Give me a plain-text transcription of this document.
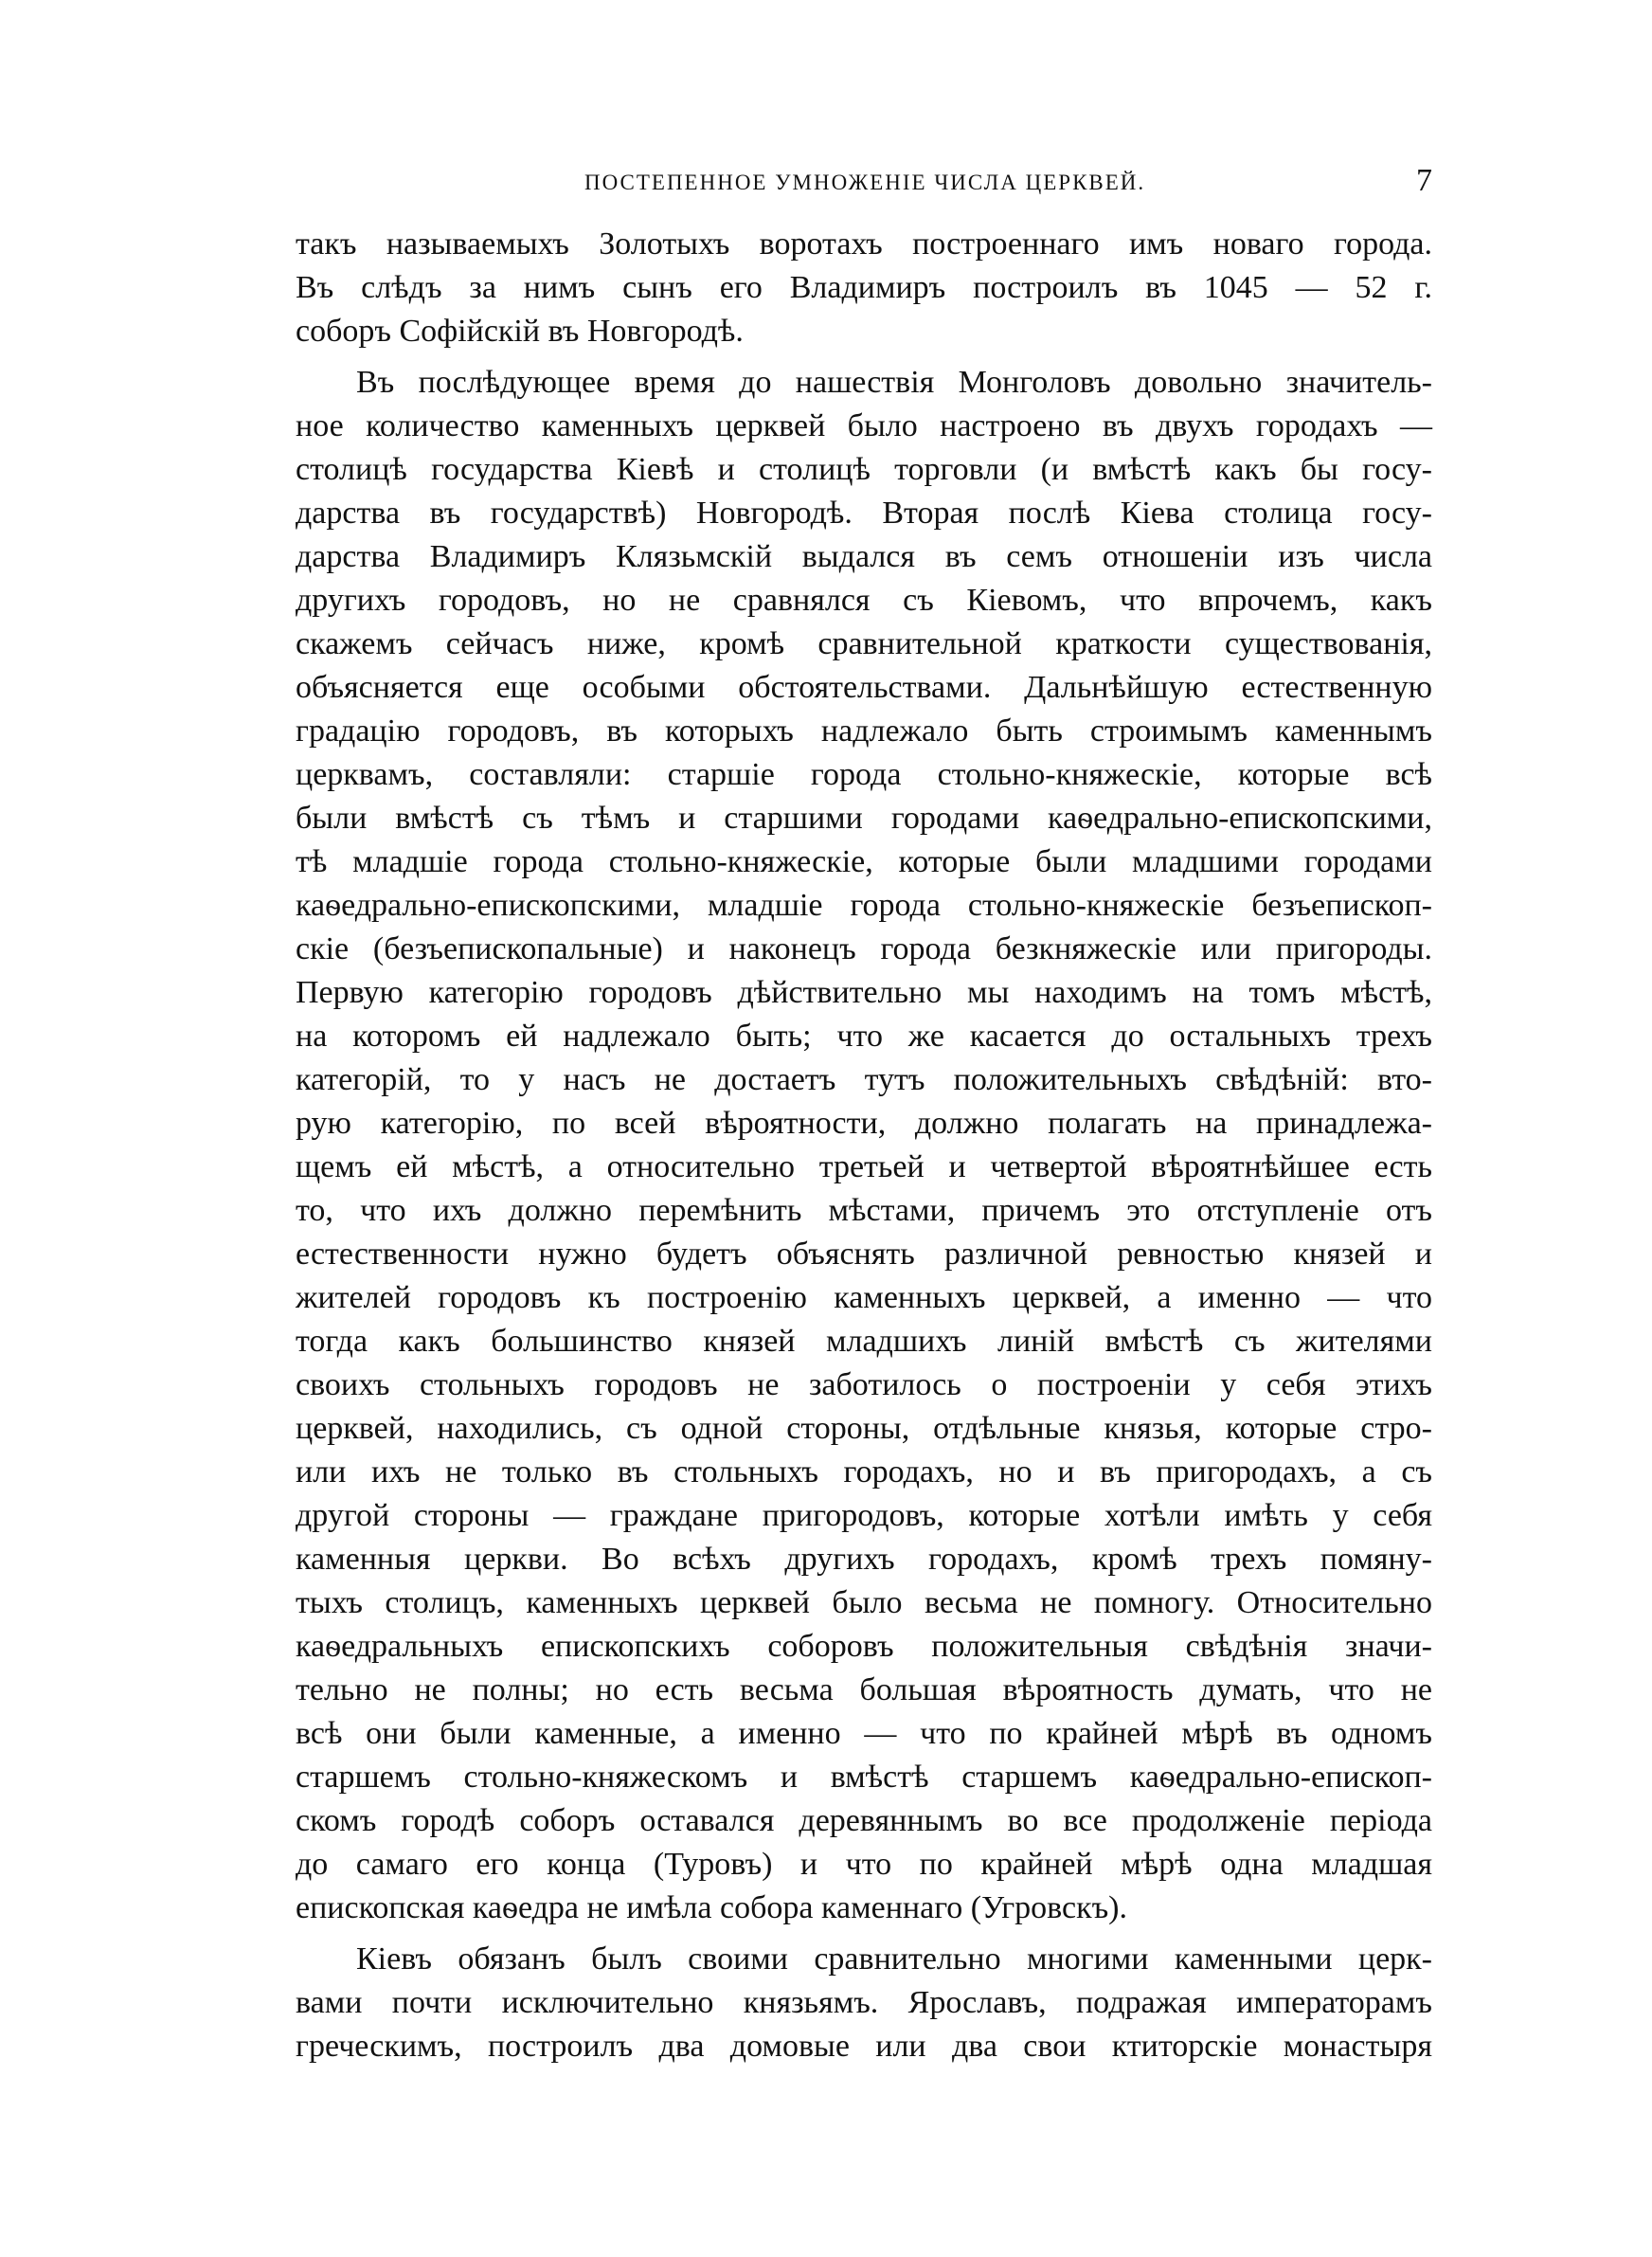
ПОСТЕПЕННОЕ УМНОЖЕНIЕ ЧИСЛА ЦЕРКВЕЙ.	7

такъ называемыхъ Золотыхъ воротахъ построеннаго имъ новаго города.
Въ слѣдъ за нимъ сынъ его Владимиръ построилъ въ 1045 — 52 г.
соборъ Софiйскiй въ Новгородѣ.

Въ послѣдующее время до нашествiя Монголовъ довольно значитель-
ное количество каменныхъ церквей было настроено въ двухъ городахъ —
столицѣ государства Кiевѣ и столицѣ торговли (и вмѣстѣ какъ бы госу-
дарства въ государствѣ) Новгородѣ. Вторая послѣ Кiева столица госу-
дарства Владимиръ Клязьмскiй выдался въ семъ отношенiи изъ числа
другихъ городовъ, но не сравнялся съ Кiевомъ, что впрочемъ, какъ
скажемъ сейчасъ ниже, кромѣ сравнительной краткости существованiя,
объясняется еще особыми обстоятельствами. Дальнѣйшую естественную
градацiю городовъ, въ которыхъ надлежало быть строимымъ каменнымъ
церквамъ, составляли: старшiе города стольно-княжескiе, которые всѣ
были вмѣстѣ съ тѣмъ и старшими городами каѳедрально-епископскими,
тѣ младшiе города стольно-княжескiе, которые были младшими городами
каѳедрально-епископскими, младшiе города стольно-княжескiе безъепископ-
скiе (безъепископальные) и наконецъ города безкняжескiе или пригороды.
Первую категорiю городовъ дѣйствительно мы находимъ на томъ мѣстѣ,
на которомъ ей надлежало быть; что же касается до остальныхъ трехъ
категорiй, то у насъ не достаетъ тутъ положительныхъ свѣдѣнiй: вто-
рую категорiю, по всей вѣроятности, должно полагать на принадлежа-
щемъ ей мѣстѣ, а относительно третьей и четвертой вѣроятнѣйшее есть
то, что ихъ должно перемѣнить мѣстами, причемъ это отступленiе отъ
естественности нужно будетъ объяснять различной ревностью князей и
жителей городовъ къ построенiю каменныхъ церквей, а именно — что
тогда какъ большинство князей младшихъ линiй вмѣстѣ съ жителями
своихъ стольныхъ городовъ не заботилось о построенiи у себя этихъ
церквей, находились, съ одной стороны, отдѣльные князья, которые стро-
или ихъ не только въ стольныхъ городахъ, но и въ пригородахъ, а съ
другой стороны — граждане пригородовъ, которые хотѣли имѣть у себя
каменныя церкви. Во всѣхъ другихъ городахъ, кромѣ трехъ помяну-
тыхъ столицъ, каменныхъ церквей было весьма не помногу. Относительно
каѳедральныхъ епископскихъ соборовъ положительныя свѣдѣнiя значи-
тельно не полны; но есть весьма большая вѣроятность думать, что не
всѣ они были каменные, а именно — что по крайней мѣрѣ въ одномъ
старшемъ стольно-княжескомъ и вмѣстѣ старшемъ каѳедрально-епископ-
скомъ городѣ соборъ оставался деревяннымъ во все продолженiе перiода
до самаго его конца (Туровъ) и что по крайней мѣрѣ одна младшая
епископская каѳедра не имѣла собора каменнаго (Угровскъ).

Кiевъ обязанъ былъ своими сравнительно многими каменными церк-
вами почти исключительно князьямъ. Ярославъ, подражая императорамъ
греческимъ, построилъ два домовые или два свои ктиторскiе монастыря
